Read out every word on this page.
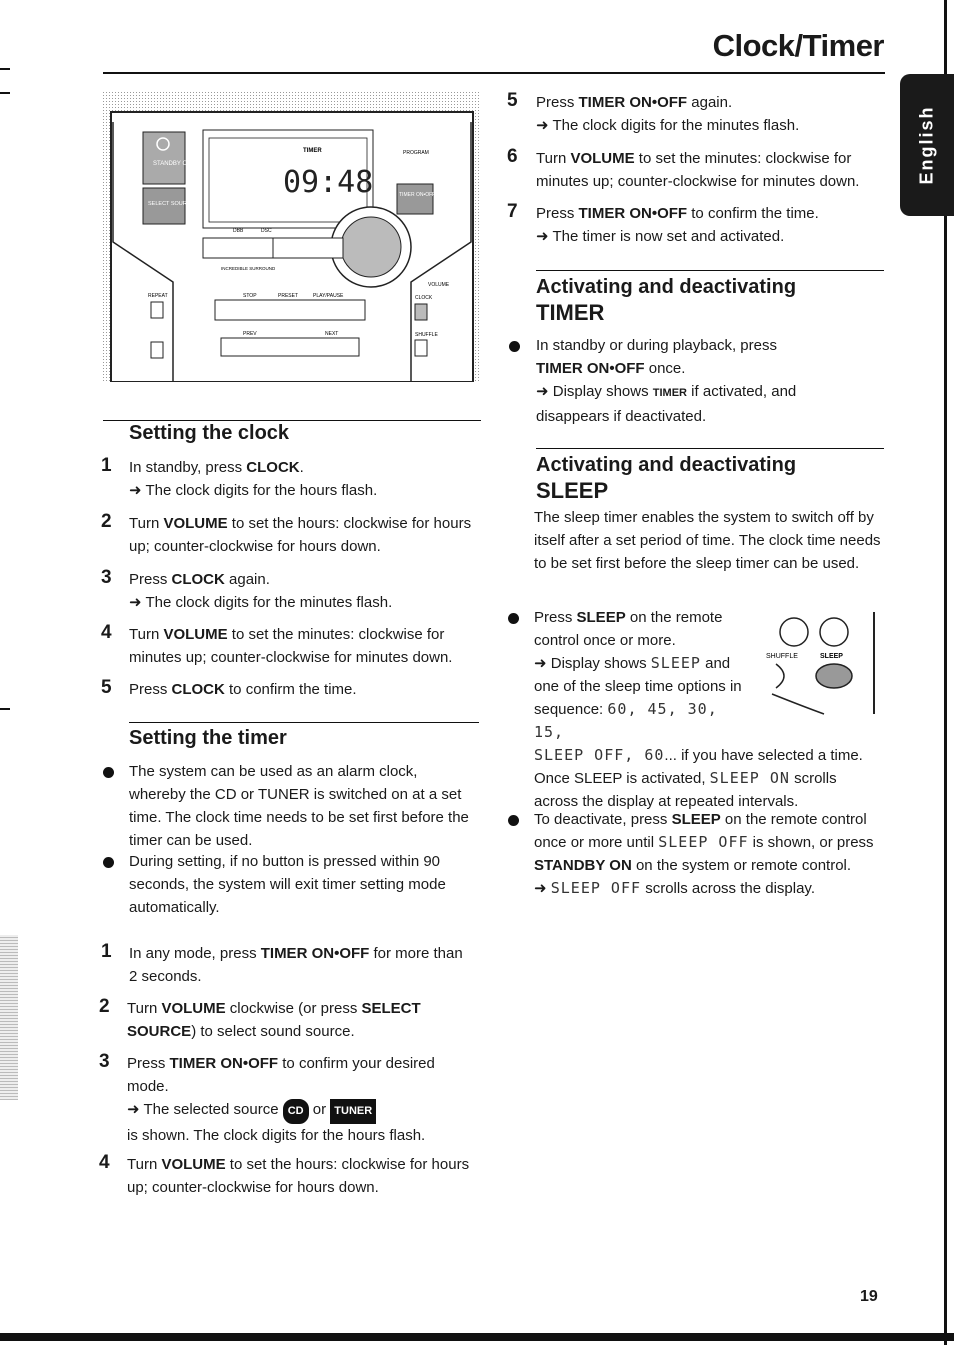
Clock/Timer
English
STANDBY ON
SELECT SOURCE
TIMER
09:48
PROGRAM
TIMER ON•OFF
VOLUME
DBB	DSC
INCREDIBLE SURROUND
STOP	PRESET	PLAY/PAUSE
PREV	NEXT
REPEAT	CLOCK
SHUFFLE
Setting the clock
1 In standby, press CLOCK.
➜ The clock digits for the hours flash.
2 Turn VOLUME to set the hours: clockwise for hours up; counter-clockwise for hours down.
3 Press CLOCK again.
➜ The clock digits for the minutes flash.
4 Turn VOLUME to set the minutes: clockwise for minutes up; counter-clockwise for minutes down.
5 Press CLOCK to confirm the time.
Setting the timer
The system can be used as an alarm clock, whereby the CD or TUNER is switched on at a set time. The clock time needs to be set first before the timer can be used.
During setting, if no button is pressed within 90 seconds, the system will exit timer setting mode automatically.
1 In any mode, press TIMER ON•OFF for more than 2 seconds.
2 Turn VOLUME clockwise (or press SELECT SOURCE) to select sound source.
3 Press TIMER ON•OFF to confirm your desired mode.
➜ The selected source CD or TUNER
is shown. The clock digits for the hours flash.
4 Turn VOLUME to set the hours: clockwise for hours up; counter-clockwise for hours down.
5 Press TIMER ON•OFF again.
➜ The clock digits for the minutes flash.
6 Turn VOLUME to set the minutes: clockwise for minutes up; counter-clockwise for minutes down.
7 Press TIMER ON•OFF to confirm the time.
➜ The timer is now set and activated.
Activating and deactivating
TIMER
In standby or during playback, press
TIMER ON•OFF once.
➜ Display shows TIMER if activated, and
disappears if deactivated.
Activating and deactivating
SLEEP
The sleep timer enables the system to switch off by itself after a set period of time. The clock time needs to be set first before the sleep timer can be used.
Press SLEEP on the remote control once or more.
➜ Display shows SLEEP and one of the sleep time options in sequence: 60, 45, 30, 15,
SLEEP OFF, 60... if you have selected a time. Once SLEEP is activated, SLEEP ON scrolls across the display at repeated intervals.
SHUFFLE	SLEEP
To deactivate, press SLEEP on the remote control once or more until SLEEP OFF is shown, or press STANDBY ON on the system or remote control.
➜ SLEEP OFF scrolls across the display.
19
